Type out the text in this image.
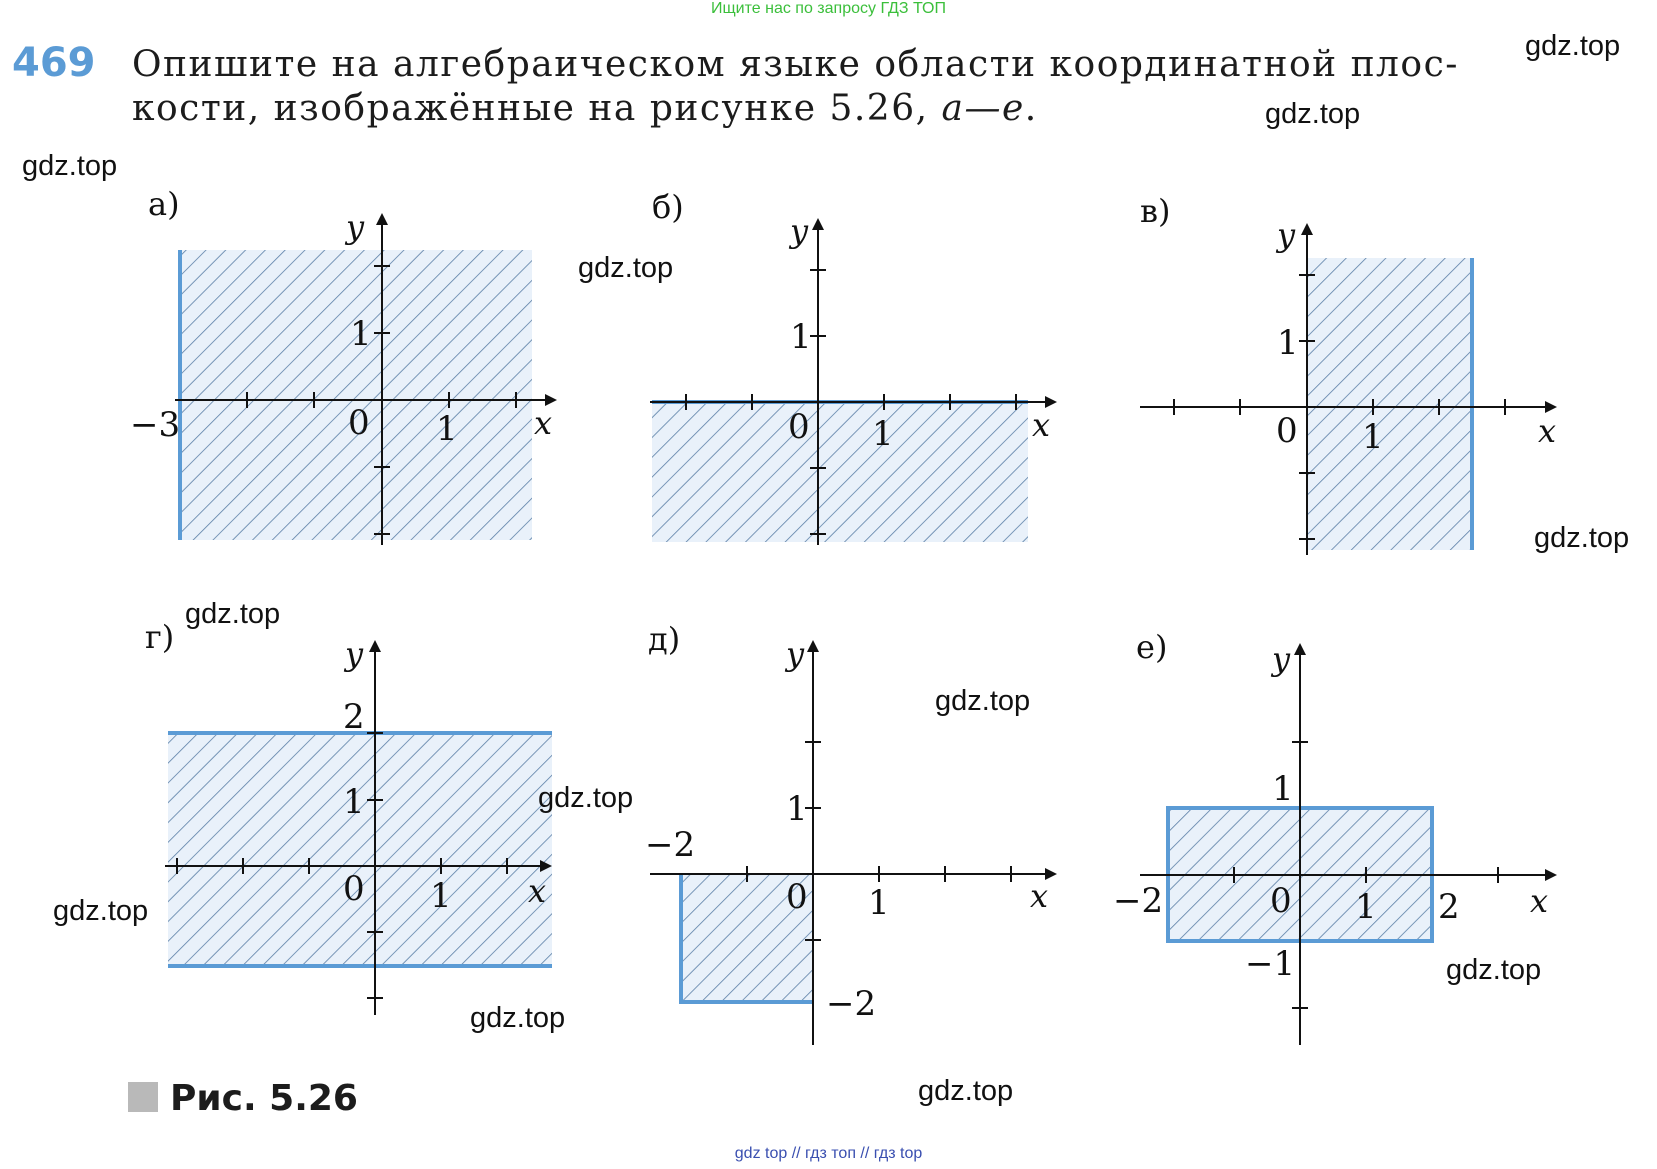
Ищите нас по запросу ГДЗ ТОП
469 Опишите на алгебраическом языке области координатной плос-
кости, изображённые на рисунке 5.26, а—е.
а)
y
x
0
−3	1
1
б)
y
x
0 1
1
в)
y
x
0 1
1
г)	y
x
0 1
2
1
д)	y
x
0
−2
1
1
−2
е)	y
x
0
−2	1 2
1
−1
Рис. 5.26
gdz.top
gdz.top
gdz.top
gdz.top
gdz.top
gdz.top
gdz.top
gdz.top
gdz.top
gdz.top
gdz.top
gdz.top
gdz top // гдз топ // гдз top
